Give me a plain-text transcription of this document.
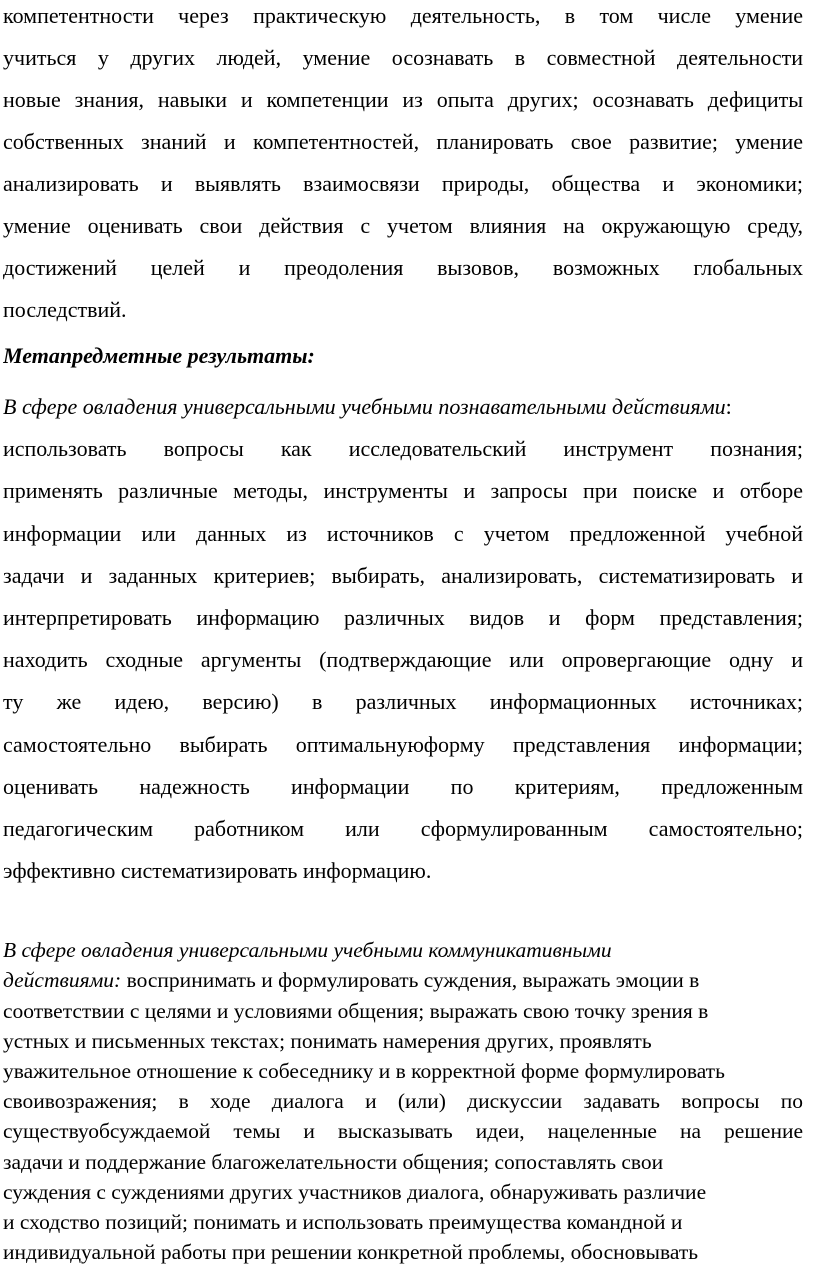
компетентности через практическую деятельность, в том числе умение
учиться у других людей, умение осознавать в совместной деятельности
новые знания, навыки и компетенции из опыта других; осознавать дефициты
собственных знаний и компетентностей, планировать свое развитие; умение
анализировать и выявлять взаимосвязи природы, общества и экономики;
умение оценивать свои действия с учетом влияния на окружающую среду,
достижений целей и преодоления вызовов, возможных глобальных
последствий.
Метапредметные результаты:
В сфере овладения универсальными учебными познавательными действиями:
использовать вопросы как исследовательский инструмент познания;
применять различные методы, инструменты и запросы при поиске и отборе
информации или данных из источников с учетом предложенной учебной
задачи и заданных критериев; выбирать, анализировать, систематизировать и
интерпретировать информацию различных видов и форм представления;
находить сходные аргументы (подтверждающие или опровергающие одну и
ту же идею, версию) в различных информационных источниках;
самостоятельно выбирать оптимальнуюформу представления информации;
оценивать надежность информации по критериям, предложенным
педагогическим работником или сформулированным самостоятельно;
эффективно систематизировать информацию.
В сфере овладения универсальными учебными коммуникативными
действиями: воспринимать и формулировать суждения, выражать эмоции в
соответствии с целями и условиями общения; выражать свою точку зрения в
устных и письменных текстах; понимать намерения других, проявлять
уважительное отношение к собеседнику и в корректной форме формулировать
своивозражения; в ходе диалога и (или) дискуссии задавать вопросы по
существуобсуждаемой темы и высказывать идеи, нацеленные на решение
задачи и поддержание благожелательности общения; сопоставлять свои
суждения с суждениями других участников диалога, обнаруживать различие
и сходство позиций; понимать и использовать преимущества командной и
индивидуальной работы при решении конкретной проблемы, обосновывать
